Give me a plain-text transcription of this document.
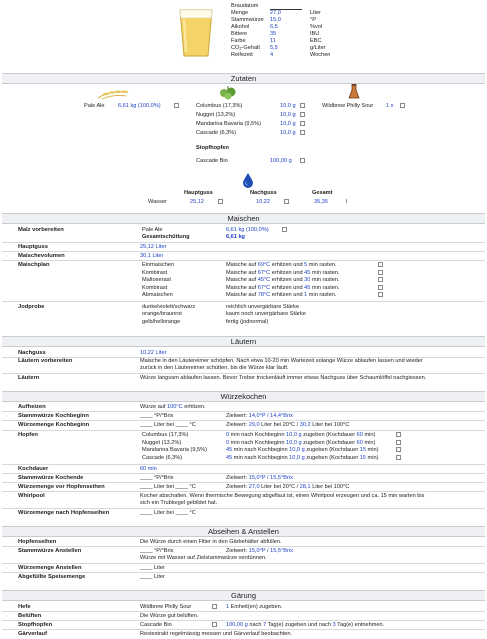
Braudatum
Menge	27,0	Liter
Stammwürze 15,0	°P
Alkohol	6,5	%vol
Bittere	35	IBU
Farbe	11	EBC
CO₂-Gehalt 5,5	g/Liter
Reifezeit	4	Wochen
Zutaten
Pale Ale 6,61 kg (100,0%)	Columbus (17,3%)	10,0 g
Nugget (13,2%)	10,0 g
Mandarina Bavaria (9,5%)	10,0 g
Cascade (6,3%)	10,0 g
Wildbrew Philly Sour 1 x
Stopfhopfen
Cascade Bio	100,00 g
Hauptguss	Nachguss	Gesamt
Wasser	25,12	10,22	35,35	l
Maischen
Malz vorbereiten	Pale Ale	6,61 kg (100,0%)
Gesamtschüttung	6,61 kg
Hauptguss	25,12 Liter
Maischevolumen	30,1 Liter
Maischplan	Einmaischen	Maische auf 69°C erhitzen und 5 min rasten.
Kombirast	Maische auf 67°C erhitzen und 45 min rasten.
Maltoserast	Maische auf 45°C erhitzen und 30 min rasten.
Kombirast	Maische auf 67°C erhitzen und 45 min rasten.
Abmaischen	Maische auf 78°C erhitzen und 1 min rasten.
Jodprobe	dunkelviolett/schwarz	reichlich unvergärbare Stärke
orange/braunrot	kaum noch unvergärbare Stärke
gelb/hellorange	fertig (jodnormal)
Läutern
Nachguss	10,22 Liter
Läutern vorbereiten	Maische in den Läutereimer schöpfen. Nach etwa 10-20 min Wartezeit solange Würze ablaufen lassen und wieder
zurück in den Läutereimer schütten, bis die Würze klar läuft.
Läutern	Würze langsam ablaufen lassen. Bevor Treber trockenläuft immer etwas Nachguss über Schaumlöffel nachgiessen.
Würzekochen
Aufheizen	Würze auf 100°C erhitzen.
Stammwürze Kochbeginn	____ °P/°Brix	Zielwert: 14,0°P / 14,4°Brix
Würzemenge Kochbeginn	____ Liter bei ____ °C	Zielwert: 29,0 Liter bei 20°C / 30,2 Liter bei 100°C
Hopfen	Columbus (17,3%)	0 min nach Kochbeginn 10,0 g zugeben (Kochdauer 60 min)
Nugget (13,2%)	0 min nach Kochbeginn 10,0 g zugeben (Kochdauer 60 min)
Mandarina Bavaria (9,5%)	45 min nach Kochbeginn 10,0 g zugeben (Kochdauer 15 min)
Cascade (6,3%)	45 min nach Kochbeginn 10,0 g zugeben (Kochdauer 15 min)
Kochdauer	60 min
Stammwürze Kochende	____ °P/°Brix	Zielwert: 15,0°P / 15,5°Brix
Würzemenge vor Hopfenseihen	____ Liter bei ____ °C	Zielwert: 27,0 Liter bei 20°C / 28,1 Liter bei 100°C
Whirlpool	Kocher abschalten. Wenn thermische Bewegung abgeflaut ist, einen Whirlpool erzeugen und ca. 15 min warten bis
sich ein Trubkegel gebildet hat.
Würzemenge nach Hopfenseihen	____ Liter bei ____ °C
Abseihen & Anstellen
Hopfenseihen	Die Würze durch einen Filter in den Gärbehälter abfüllen.
Stammwürze Anstellen	____ °P/°Brix	Zielwert: 15,0°P / 15,5°Brix
Würze mit Wasser auf Zielstammwürze verdünnen.
Würzemenge Anstellen	____ Liter
Abgefüllte Speisemenge	____ Liter
Gärung
Hefe	Wildbrew Philly Sour	1 Einheit(en) zugeben.
Belüften	Die Würze gut belüften.
Stopfhopfen	Cascade Bio	100,00 g nach 7 Tag(e) zugeben und nach 3 Tag(e) entnehmen.
Gärverlauf	Restextrakt regelmässig messen und Gärverlauf beobachten.
